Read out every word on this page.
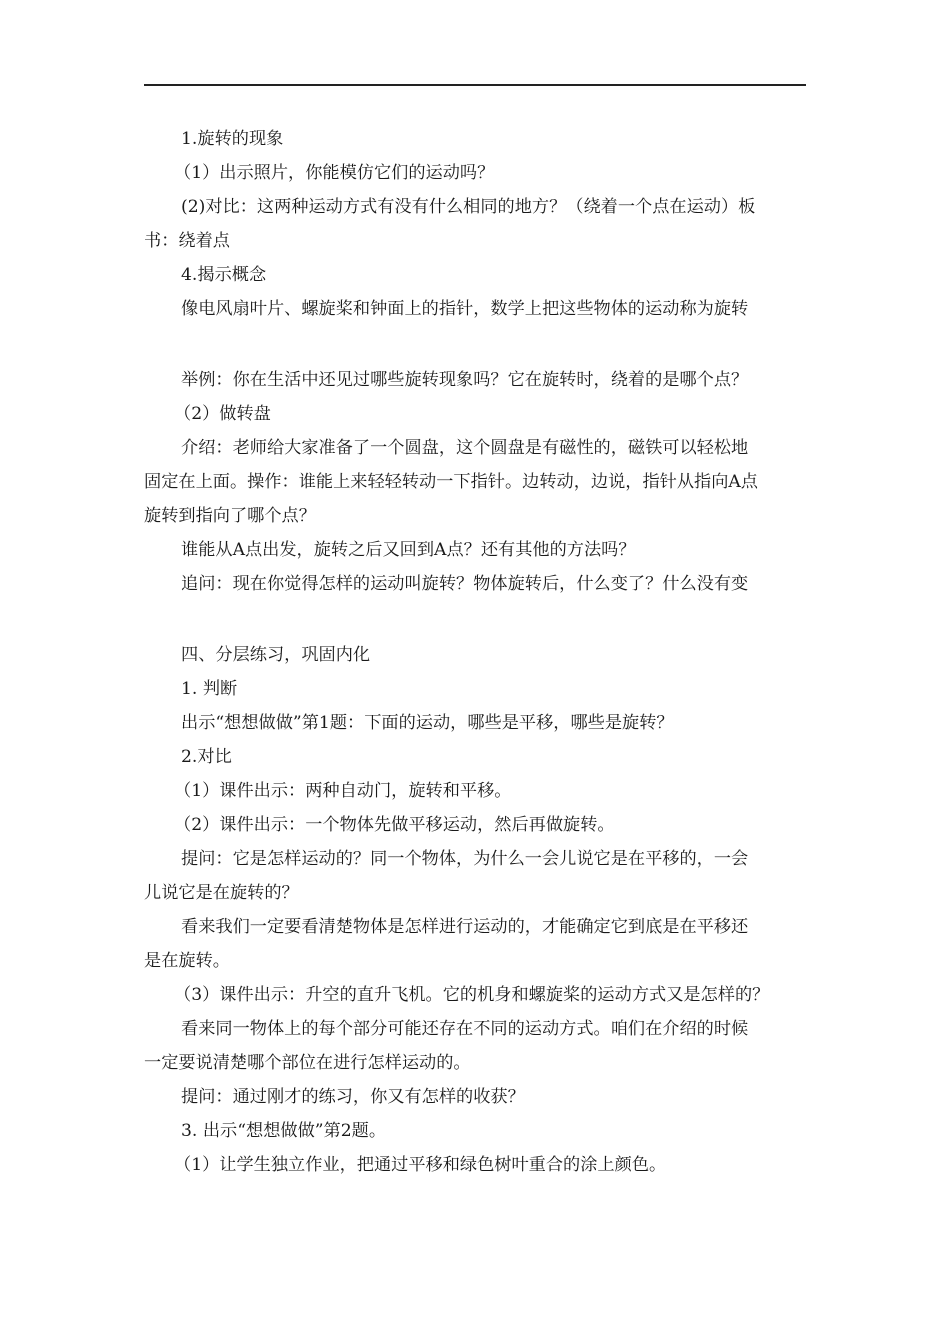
1.旋转的现象
（1）出示照片，你能模仿它们的运动吗？
(2)对比：这两种运动方式有没有什么相同的地方？（绕着一个点在运动）板
书：绕着点
4.揭示概念
像电风扇叶片、螺旋桨和钟面上的指针，数学上把这些物体的运动称为旋转
举例：你在生活中还见过哪些旋转现象吗？它在旋转时，绕着的是哪个点？
（2）做转盘
介绍：老师给大家准备了一个圆盘，这个圆盘是有磁性的，磁铁可以轻松地
固定在上面。操作：谁能上来轻轻转动一下指针。边转动，边说，指针从指向A点
旋转到指向了哪个点？
谁能从A点出发，旋转之后又回到A点？还有其他的方法吗？
追问：现在你觉得怎样的运动叫旋转？物体旋转后，什么变了？什么没有变
四、分层练习，巩固内化
1. 判断
出示“想想做做”第1题：下面的运动，哪些是平移，哪些是旋转？
2.对比
（1）课件出示：两种自动门，旋转和平移。
（2）课件出示：一个物体先做平移运动，然后再做旋转。
提问：它是怎样运动的？同一个物体，为什么一会儿说它是在平移的，一会
儿说它是在旋转的？
看来我们一定要看清楚物体是怎样进行运动的，才能确定它到底是在平移还
是在旋转。
（3）课件出示：升空的直升飞机。它的机身和螺旋桨的运动方式又是怎样的？
看来同一物体上的每个部分可能还存在不同的运动方式。咱们在介绍的时候
一定要说清楚哪个部位在进行怎样运动的。
提问：通过刚才的练习，你又有怎样的收获？
3. 出示“想想做做”第2题。
（1）让学生独立作业，把通过平移和绿色树叶重合的涂上颜色。
